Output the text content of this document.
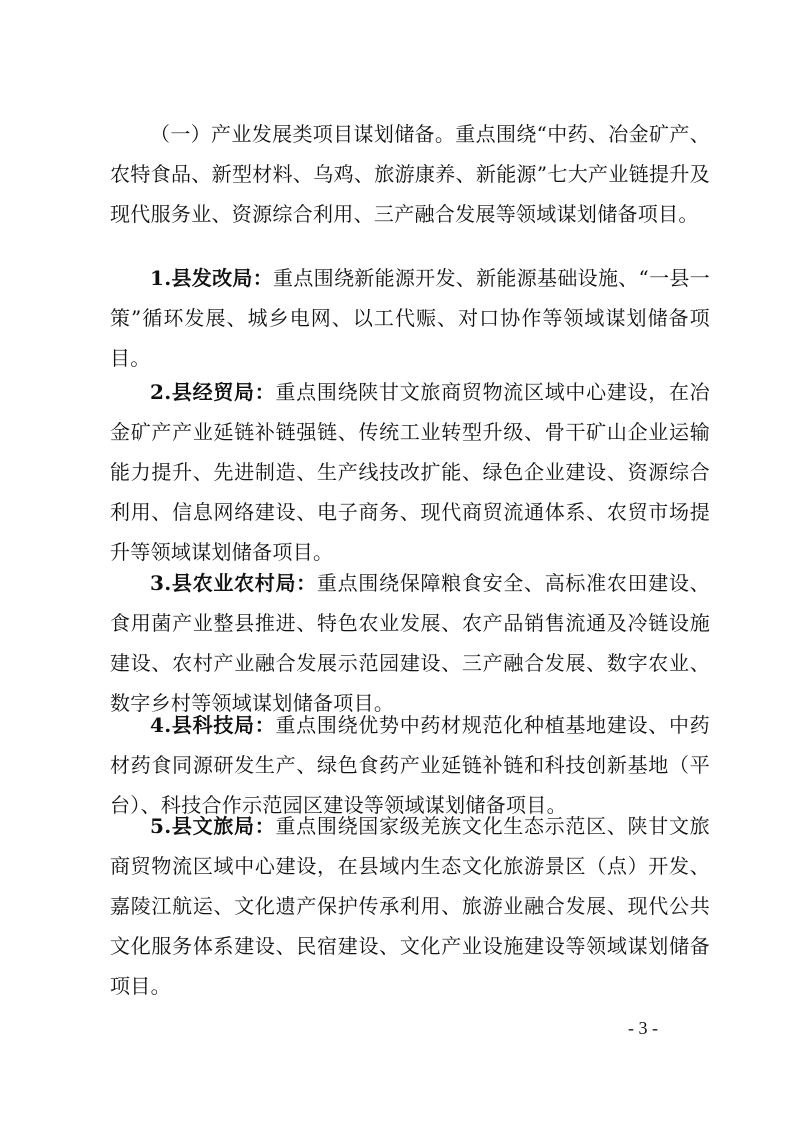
（一）产业发展类项目谋划储备。重点围绕“中药、冶金矿产、农特食品、新型材料、乌鸡、旅游康养、新能源”七大产业链提升及现代服务业、资源综合利用、三产融合发展等领域谋划储备项目。

1.县发改局：重点围绕新能源开发、新能源基础设施、“一县一策”循环发展、城乡电网、以工代赈、对口协作等领域谋划储备项目。

2.县经贸局：重点围绕陕甘文旅商贸物流区域中心建设，在冶金矿产产业延链补链强链、传统工业转型升级、骨干矿山企业运输能力提升、先进制造、生产线技改扩能、绿色企业建设、资源综合利用、信息网络建设、电子商务、现代商贸流通体系、农贸市场提升等领域谋划储备项目。

3.县农业农村局：重点围绕保障粮食安全、高标准农田建设、食用菌产业整县推进、特色农业发展、农产品销售流通及冷链设施建设、农村产业融合发展示范园建设、三产融合发展、数字农业、数字乡村等领域谋划储备项目。

4.县科技局：重点围绕优势中药材规范化种植基地建设、中药材药食同源研发生产、绿色食药产业延链补链和科技创新基地（平台）、科技合作示范园区建设等领域谋划储备项目。

5.县文旅局：重点围绕国家级羌族文化生态示范区、陕甘文旅商贸物流区域中心建设，在县域内生态文化旅游景区（点）开发、嘉陵江航运、文化遗产保护传承利用、旅游业融合发展、现代公共文化服务体系建设、民宿建设、文化产业设施建设等领域谋划储备项目。

- 3 -
